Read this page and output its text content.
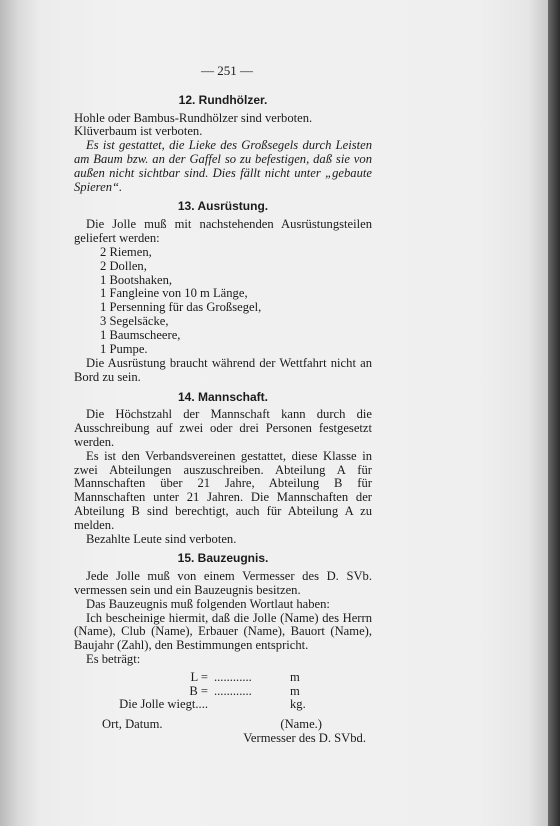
— 251 —
12. Rundhölzer.
Hohle oder Bambus-Rundhölzer sind verboten.
Klüverbaum ist verboten.
Es ist gestattet, die Lieke des Großsegels durch Leisten am Baum bzw. an der Gaffel so zu befestigen, daß sie von außen nicht sichtbar sind. Dies fällt nicht unter „gebaute Spieren“.
13. Ausrüstung.
Die Jolle muß mit nachstehenden Ausrüstungsteilen geliefert werden:
2 Riemen,
2 Dollen,
1 Bootshaken,
1 Fangleine von 10 m Länge,
1 Persenning für das Großsegel,
3 Segelsäcke,
1 Baumscheere,
1 Pumpe.
Die Ausrüstung braucht während der Wettfahrt nicht an Bord zu sein.
14. Mannschaft.
Die Höchstzahl der Mannschaft kann durch die Ausschreibung auf zwei oder drei Personen festgesetzt werden.
Es ist den Verbandsvereinen gestattet, diese Klasse in zwei Abteilungen auszuschreiben. Abteilung A für Mannschaften über 21 Jahre, Abteilung B für Mannschaften unter 21 Jahren. Die Mannschaften der Abteilung B sind berechtigt, auch für Abteilung A zu melden.
Bezahlte Leute sind verboten.
15. Bauzeugnis.
Jede Jolle muß von einem Vermesser des D. SVb. vermessen sein und ein Bauzeugnis besitzen.
Das Bauzeugnis muß folgenden Wortlaut haben:
Ich bescheinige hiermit, daß die Jolle (Name) des Herrn (Name), Club (Name), Erbauer (Name), Bauort (Name), Baujahr (Zahl), den Bestimmungen entspricht.
Es beträgt:
L = ............	m
B = ............	m
Die Jolle wiegt....	kg.
Ort, Datum.	(Name.)
Vermesser des D. SVbd.
